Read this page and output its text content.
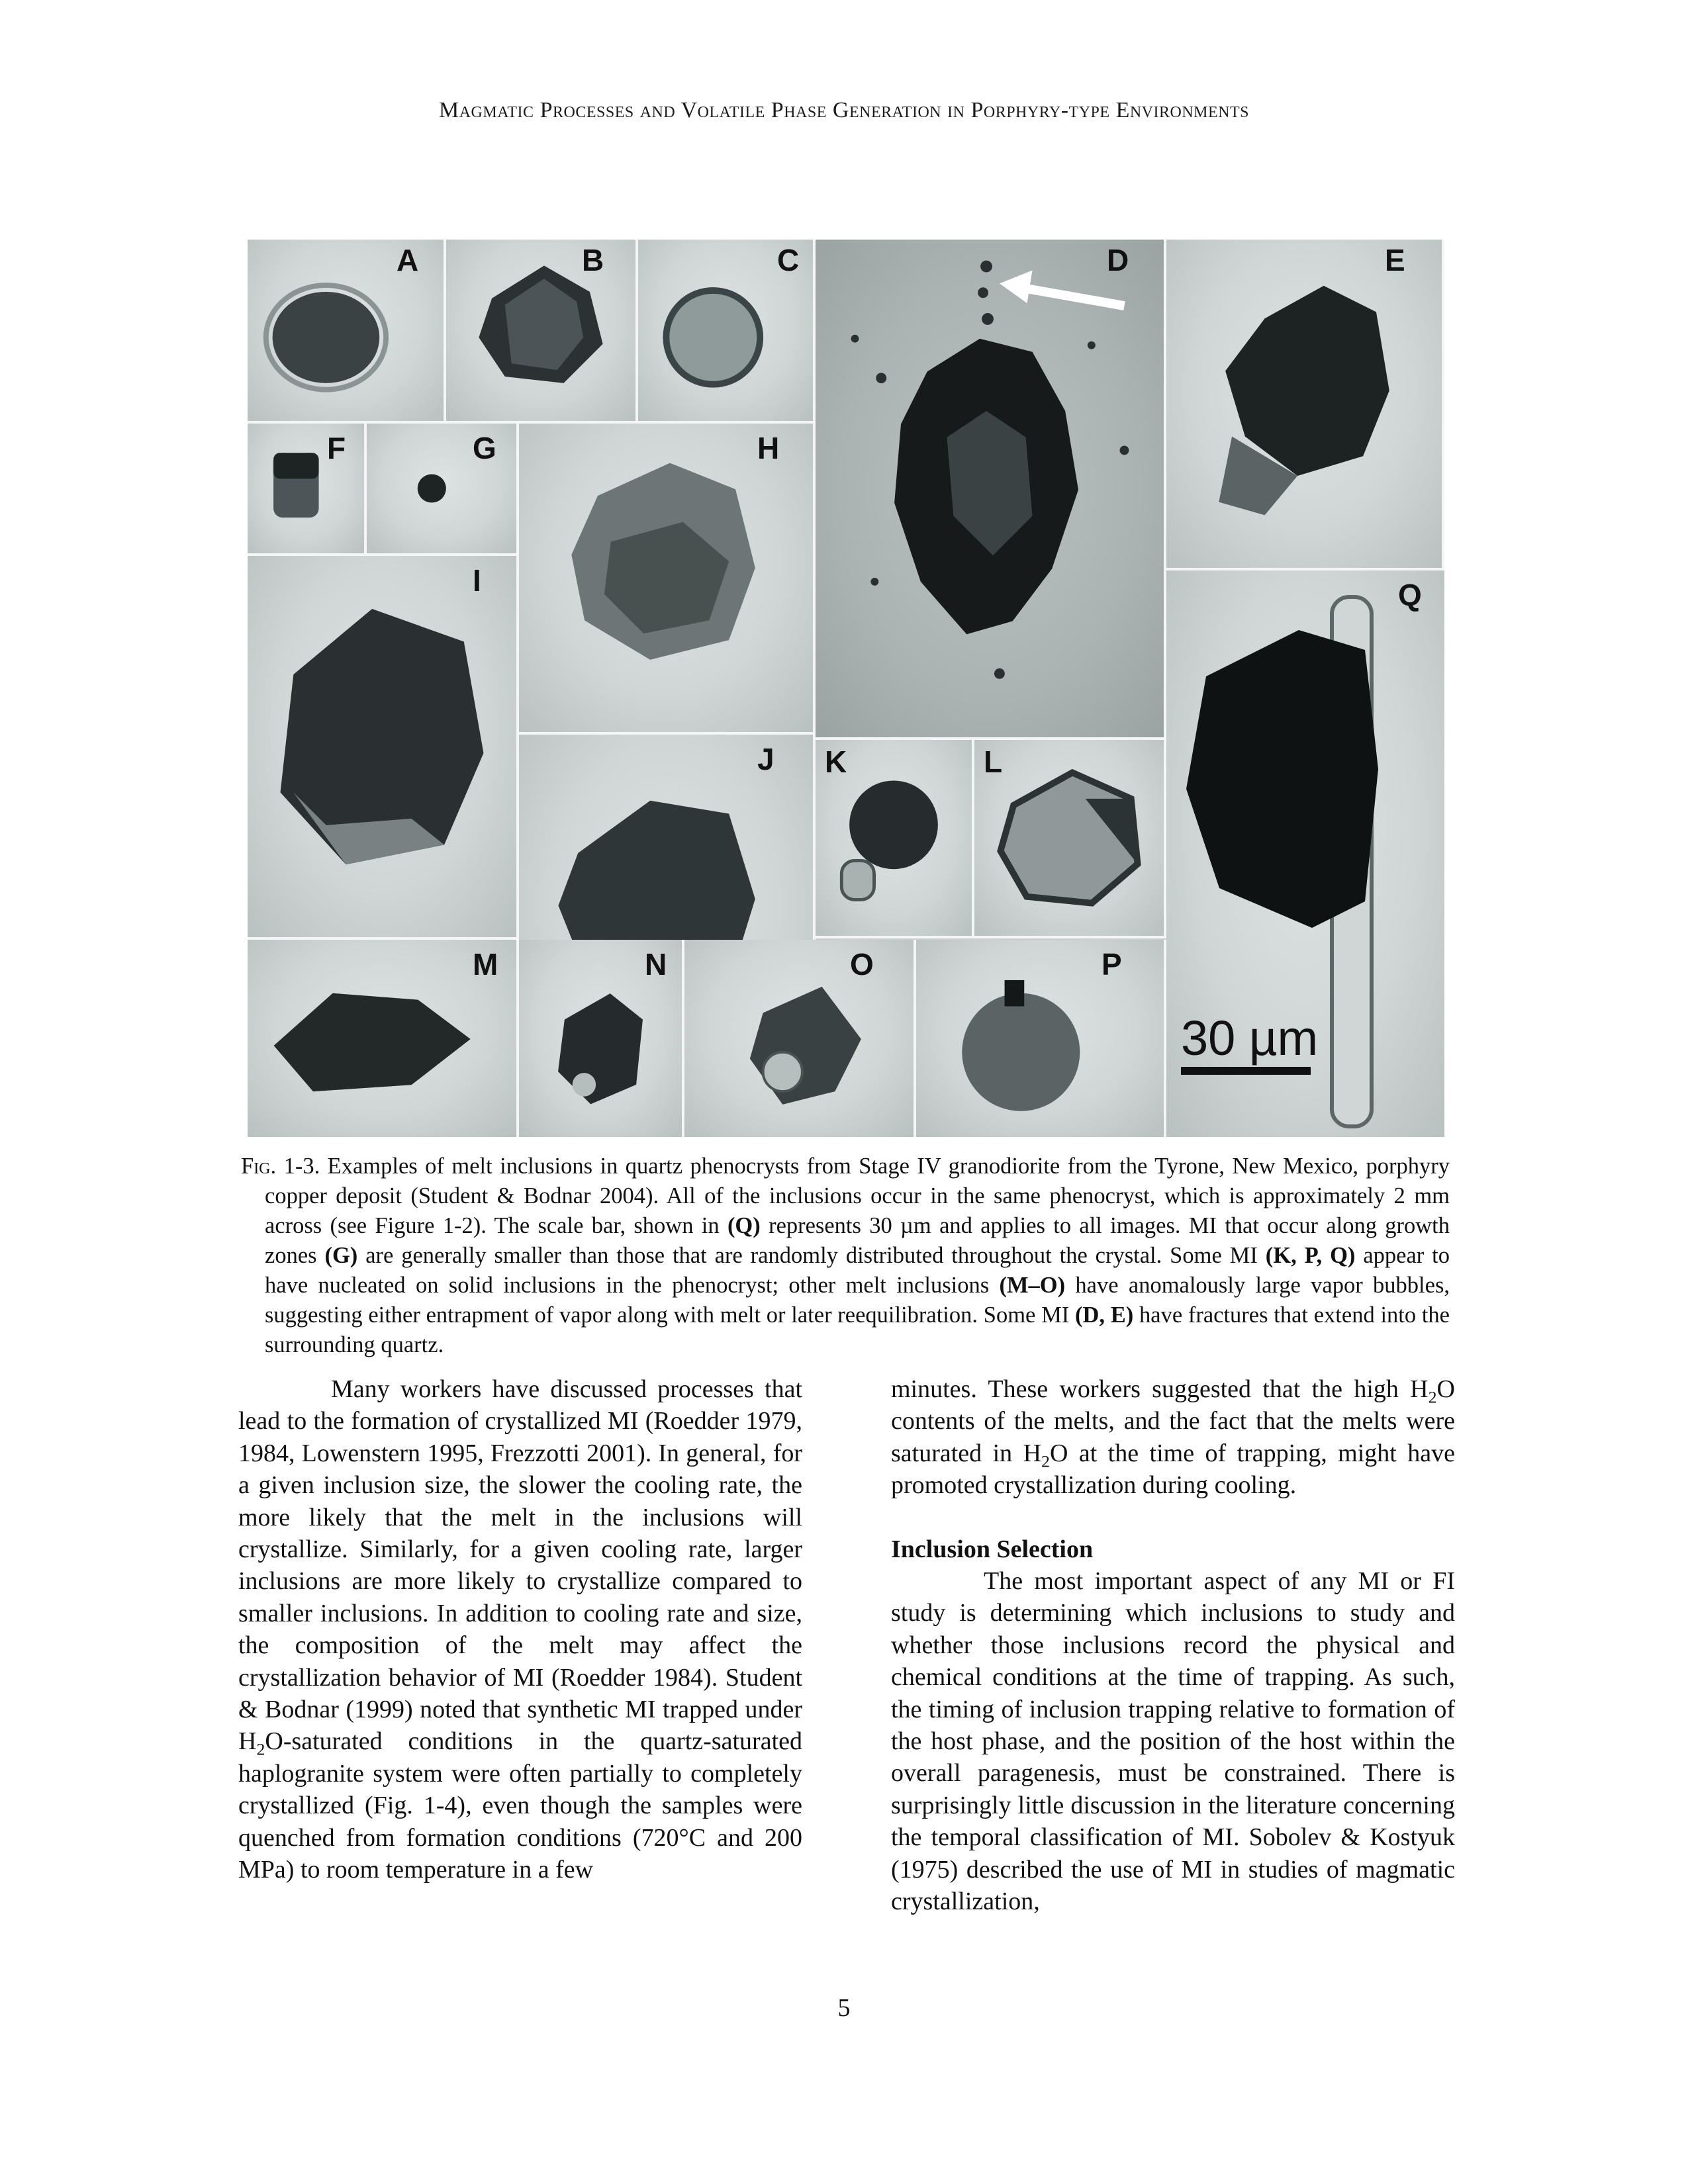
Magmatic Processes and Volatile Phase Generation in Porphyry-type Environments
A	B	C	D	E
F	G	H
I
J K	L
Q
M	N	O	P
30 µm

Fig. 1-3. Examples of melt inclusions in quartz phenocrysts from Stage IV granodiorite from the Tyrone, New Mexico, porphyry copper deposit (Student & Bodnar 2004). All of the inclusions occur in the same phenocryst, which is approximately 2 mm across (see Figure 1-2). The scale bar, shown in (Q) represents 30 µm and applies to all images. MI that occur along growth zones (G) are generally smaller than those that are randomly distributed throughout the crystal. Some MI (K, P, Q) appear to have nucleated on solid inclusions in the phenocryst; other melt inclusions (M–O) have anomalously large vapor bubbles, suggesting either entrapment of vapor along with melt or later reequilibration. Some MI (D, E) have fractures that extend into the surrounding quartz.

Many workers have discussed processes that lead to the formation of crystallized MI (Roedder 1979, 1984, Lowenstern 1995, Frezzotti 2001). In general, for a given inclusion size, the slower the cooling rate, the more likely that the melt in the inclusions will crystallize. Similarly, for a given cooling rate, larger inclusions are more likely to crystallize compared to smaller inclusions. In addition to cooling rate and size, the composition of the melt may affect the crystallization behavior of MI (Roedder 1984). Student & Bodnar (1999) noted that synthetic MI trapped under $H_2O$-saturated conditions in the quartz-saturated haplogranite system were often partially to completely crystallized (Fig. 1-4), even though the samples were quenched from formation conditions (720°C and 200 MPa) to room temperature in a few

minutes. These workers suggested that the high $H_2O$ contents of the melts, and the fact that the melts were saturated in $H_2O$ at the time of trapping, might have promoted crystallization during cooling.

Inclusion Selection

The most important aspect of any MI or FI study is determining which inclusions to study and whether those inclusions record the physical and chemical conditions at the time of trapping. As such, the timing of inclusion trapping relative to formation of the host phase, and the position of the host within the overall paragenesis, must be constrained. There is surprisingly little discussion in the literature concerning the temporal classification of MI. Sobolev & Kostyuk (1975) described the use of MI in studies of magmatic crystallization,

5
